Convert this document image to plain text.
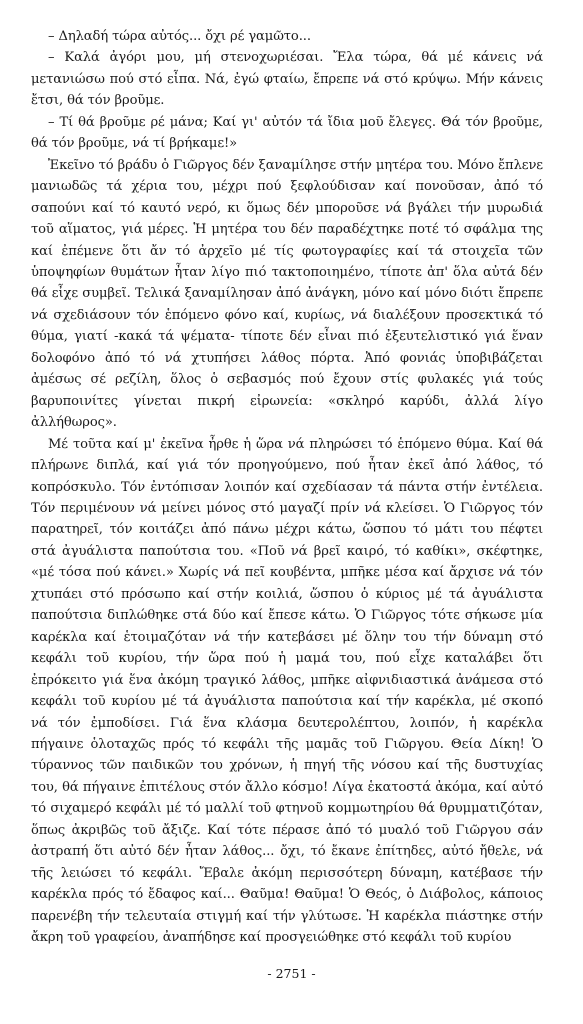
– Δηλαδή τώρα αὐτός... ὄχι ρέ γαμῶτο...

– Καλά ἀγόρι μου, μή στενοχωριέσαι. Ἔλα τώρα, θά μέ κάνεις νά μετανιώσω πού στό εἶπα. Νά, ἐγώ φταίω, ἔπρεπε νά στό κρύψω. Μήν κάνεις ἔτσι, θά τόν βροῦμε.

– Τί θά βροῦμε ρέ μάνα; Καί γι' αὐτόν τά ἴδια μοῦ ἔλεγες. Θά τόν βροῦμε, θά τόν βροῦμε, νά τί βρήκαμε!»

Ἐκεῖνο τό βράδυ ὁ Γιῶργος δέν ξαναμίλησε στήν μητέρα του. Μόνο ἔπλενε μανιωδῶς τά χέρια του, μέχρι πού ξεφλούδισαν καί πονοῦσαν, ἀπό τό σαπούνι καί τό καυτό νερό, κι ὅμως δέν μποροῦσε νά βγάλει τήν μυρωδιά τοῦ αἵματος, γιά μέρες. Ἡ μητέρα του δέν παραδέχτηκε ποτέ τό σφάλμα της καί ἐπέμενε ὅτι ἄν τό ἀρχεῖο μέ τίς φωτογραφίες καί τά στοιχεῖα τῶν ὑποψηφίων θυμάτων ἦταν λίγο πιό τακτοποιημένο, τίποτε ἀπ' ὅλα αὐτά δέν θά εἶχε συμβεῖ. Τελικά ξαναμίλησαν ἀπό ἀνάγκη, μόνο καί μόνο διότι ἔπρεπε νά σχεδιάσουν τόν ἑπόμενο φόνο καί, κυρίως, νά διαλέξουν προσεκτικά τό θύμα, γιατί -κακά τά ψέματα- τίποτε δέν εἶναι πιό ἐξευτελιστικό γιά ἕναν δολοφόνο ἀπό τό νά χτυπήσει λάθος πόρτα. Ἀπό φονιάς ὑποβιβάζεται ἀμέσως σέ ρεζίλη, ὅλος ὁ σεβασμός πού ἔχουν στίς φυλακές γιά τούς βαρυποινίτες γίνεται πικρή εἰρωνεία: «σκληρό καρύδι, ἀλλά λίγο ἀλλήθωρος».

Μέ τοῦτα καί μ' ἐκεῖνα ἦρθε ἡ ὥρα νά πληρώσει τό ἑπόμενο θύμα. Καί θά πλήρωνε διπλά, καί γιά τόν προηγούμενο, πού ἦταν ἐκεῖ ἀπό λάθος, τό κοπρόσκυλο. Τόν ἐντόπισαν λοιπόν καί σχεδίασαν τά πάντα στήν ἐντέλεια. Τόν περιμένουν νά μείνει μόνος στό μαγαζί πρίν νά κλείσει. Ὁ Γιῶργος τόν παρατηρεῖ, τόν κοιτάζει ἀπό πάνω μέχρι κάτω, ὥσπου τό μάτι του πέφτει στά ἀγυάλιστα παπούτσια του. «Ποῦ νά βρεῖ καιρό, τό καθίκι», σκέφτηκε, «μέ τόσα πού κάνει.» Χωρίς νά πεῖ κουβέντα, μπῆκε μέσα καί ἄρχισε νά τόν χτυπάει στό πρόσωπο καί στήν κοιλιά, ὥσπου ὁ κύριος μέ τά ἀγυάλιστα παπούτσια διπλώθηκε στά δύο καί ἔπεσε κάτω. Ὁ Γιῶργος τότε σήκωσε μία καρέκλα καί ἑτοιμαζόταν νά τήν κατεβάσει μέ ὅλην του τήν δύναμη στό κεφάλι τοῦ κυρίου, τήν ὥρα πού ἡ μαμά του, πού εἶχε καταλάβει ὅτι ἐπρόκειτο γιά ἕνα ἀκόμη τραγικό λάθος, μπῆκε αἰφνιδιαστικά ἀνάμεσα στό κεφάλι τοῦ κυρίου μέ τά ἀγυάλιστα παπούτσια καί τήν καρέκλα, μέ σκοπό νά τόν ἐμποδίσει. Γιά ἕνα κλάσμα δευτερολέπτου, λοιπόν, ἡ καρέκλα πήγαινε ὁλοταχῶς πρός τό κεφάλι τῆς μαμᾶς τοῦ Γιῶργου. Θεία Δίκη! Ὁ τύραννος τῶν παιδικῶν του χρόνων, ἡ πηγή τῆς νόσου καί τῆς δυστυχίας του, θά πήγαινε ἐπιτέλους στόν ἄλλο κόσμο! Λίγα ἑκατοστά ἀκόμα, καί αὐτό τό σιχαμερό κεφάλι μέ τό μαλλί τοῦ φτηνοῦ κομμωτηρίου θά θρυμματιζόταν, ὅπως ἀκριβῶς τοῦ ἄξιζε. Καί τότε πέρασε ἀπό τό μυαλό τοῦ Γιῶργου σάν ἀστραπή ὅτι αὐτό δέν ἦταν λάθος... ὄχι, τό ἔκανε ἐπίτηδες, αὐτό ἤθελε, νά τῆς λειώσει τό κεφάλι. Ἔβαλε ἀκόμη περισσότερη δύναμη, κατέβασε τήν καρέκλα πρός τό ἔδαφος καί... Θαῦμα! Θαῦμα! Ὁ Θεός, ὁ Διάβολος, κάποιος παρενέβη τήν τελευταία στιγμή καί τήν γλύτωσε. Ἡ καρέκλα πιάστηκε στήν ἄκρη τοῦ γραφείου, ἀναπήδησε καί προσγειώθηκε στό κεφάλι τοῦ κυρίου

- 2751 -
